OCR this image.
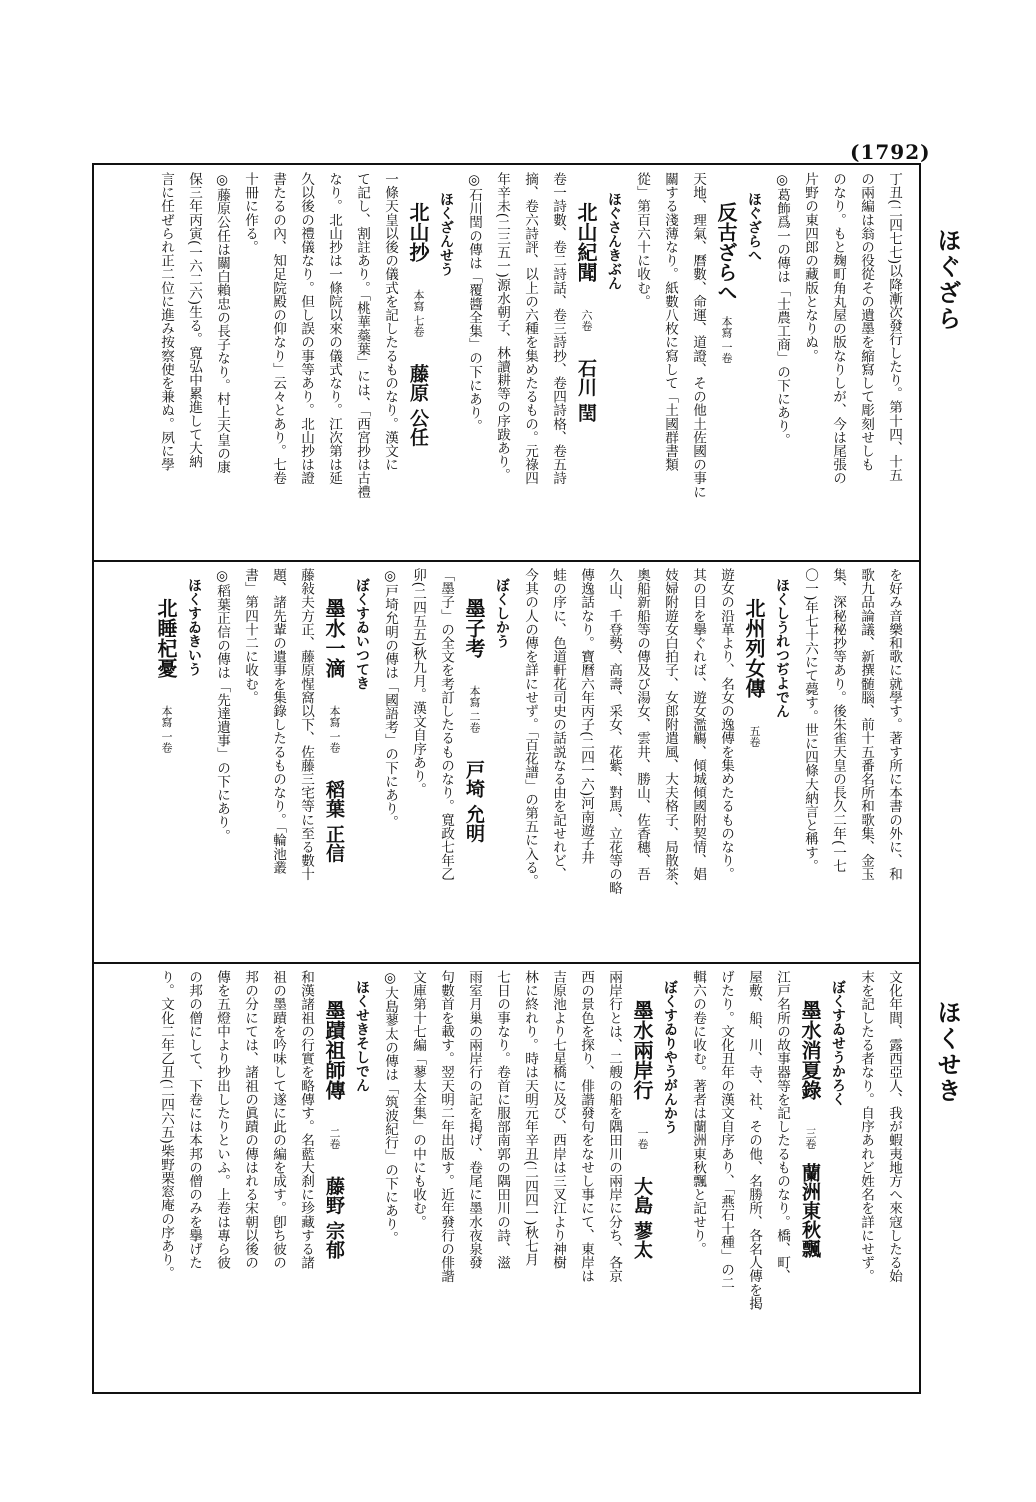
(1792)
ほぐざら
ほくせき

丁丑(二四七七)以降漸次發行したり。第十四、十五

の兩編は翁の役從その遺墨を縮寫して彫刻せしも

のなり。もと麹町角丸屋の版なりしが、今は尾張の

片野の東四郎の藏版となりぬ。

◎葛飾爲一の傳は「士農工商」の下にあり。

ほぐざらへ

反古ざらへ　本寫 一卷

天地、理氣、曆數、命運、道證、その他土佐國の事に

關する淺薄なり。紙數八枚に寫して「土國群書類

從」第百六十に收む。

ほぐさんきぶん

北山紀聞　　六卷　　石川 閏

卷一詩數、卷二詩話、卷三詩抄、卷四詩格、卷五詩

摘、卷六詩評、以上の六種を集めたるもの。元祿四

年辛未(二三五一)源水朝子、林讀耕等の序跋あり。

◎石川閏の傳は「覆醬全集」の下にあり。

ほくざんせう

北山抄　　本寫 七卷　　藤原 公任

一條天皇以後の儀式を記したるものなり。漢文に

て記し、割註あり。「桃華蘂葉」には、「西宮抄は古禮

なり。北山抄は一條院以來の儀式なり。江次第は延

久以後の禮儀なり。但し誤の事等あり。北山抄は證

書たるの內、知足院殿の仰なり」云々とあり。七卷

十冊に作る。

◎藤原公任は關白賴忠の長子なり。村上天皇の康

保三年丙寅(一六二六)生る。寬弘中累進して大納

言に任ぜられ正二位に進み按察使を兼ぬ。夙に學

を好み音樂和歌に就學す。著す所に本書の外に、和

歌九品論議、新撰髄腦、前十五番名所和歌集、金玉

集、深秘秘抄等あり。後朱雀天皇の長久二年(一七

〇一)年七十六にて薨す。世に四條大納言と稱す。

ほくしうれつぢよでん

北州列女傳　　五卷

遊女の沿革より、名女の逸傳を集めたるものなり。

其の目を擧ぐれば、遊女濫觴、傾城傾國附契情、娼

妓婦附遊女白拍子、女郎附遣風、大夫格子、局散茶、

奧船新船等の傳及び湯女、雲井、勝山、佐香穗、吾

久山、千登勢、高壽、采女、花紫、對馬、立花等の略

傳逸話なり。寶曆六年丙子(二四一六)河南遊子井

蛙の序に、色道軒花司史の話説なる由を記せれど、

今其の人の傳を詳にせず。「百花譜」の第五に入る。

ぼくしかう

墨子考　　本寫 二卷　　戸埼 允明

「墨子」の全文を考訂したるものなり。寬政七年乙

卯(二四五五)秋九月。漢文自序あり。

◎戸埼允明の傳は「國語考」の下にあり。

ぼくすゐいつてき

墨水一滴　　本寫 一卷　　稻葉 正信

藤敍夫方正、藤原惺窩以下、佐藤三宅等に至る數十

題、諸先輩の遺事を集錄したるものなり。「輪池叢

書」第四十二に收む。

◎稻葉正信の傳は「先達遺事」の下にあり。

ほくすゐきいう

北睡杞憂　　本寫 一卷

文化年間、露西亞人、我が蝦夷地方へ來寇したる始

末を記したる者なり。自序あれど姓名を詳にせず。

ぼくすゐせうかろく

墨水消夏錄　　三卷　蘭洲東秋飄

江戸名所の故事器等を記したるものなり。橋、町、

屋敷、船、川、寺、社、その他、名勝所、各名人傳を掲

げたり。文化丑年の漢文自序あり、「燕石十種」の二

輯六の卷に收む。著者は蘭洲東秋飄と記せり。

ぼくすゐりやうがんかう

墨水兩岸行　　一卷　　大島 蓼太

兩岸行とは、二艘の船を隅田川の兩岸に分ち、各京

西の景色を探り、俳諧發句をなせし事にて、東岸は

吉原池より七星橋に及び、西岸は三叉江より神樹

林に終れり。時は天明元年辛丑(二四四一)秋七月

七日の事なり。卷首に服部南郭の隅田川の詩、滋

雨室月巢の兩岸行の記を掲げ、卷尾に墨水夜泉發

句數首を載す。翌天明二年出版す。近年發行の俳諧

文庫第十七編「蓼太全集」の中にも收む。

◎大島蓼太の傳は「筑波紀行」の下にあり。

ほくせきそしでん

墨蹟祖師傳　　二卷　　藤野 宗郁

和漢諸祖の行實を略傳す。名藍大刹に珍藏する諸

祖の墨蹟を吟味して遂に此の編を成す。卽ち彼の

邦の分にては、諸祖の眞蹟の傳はれる宋朝以後の

傳を五燈中より抄出したりといふ。上卷は專ら彼

の邦の僧にして、下卷には本邦の僧のみを擧げた

り。文化二年乙丑(二四六五)柴野栗窓庵の序あり。
